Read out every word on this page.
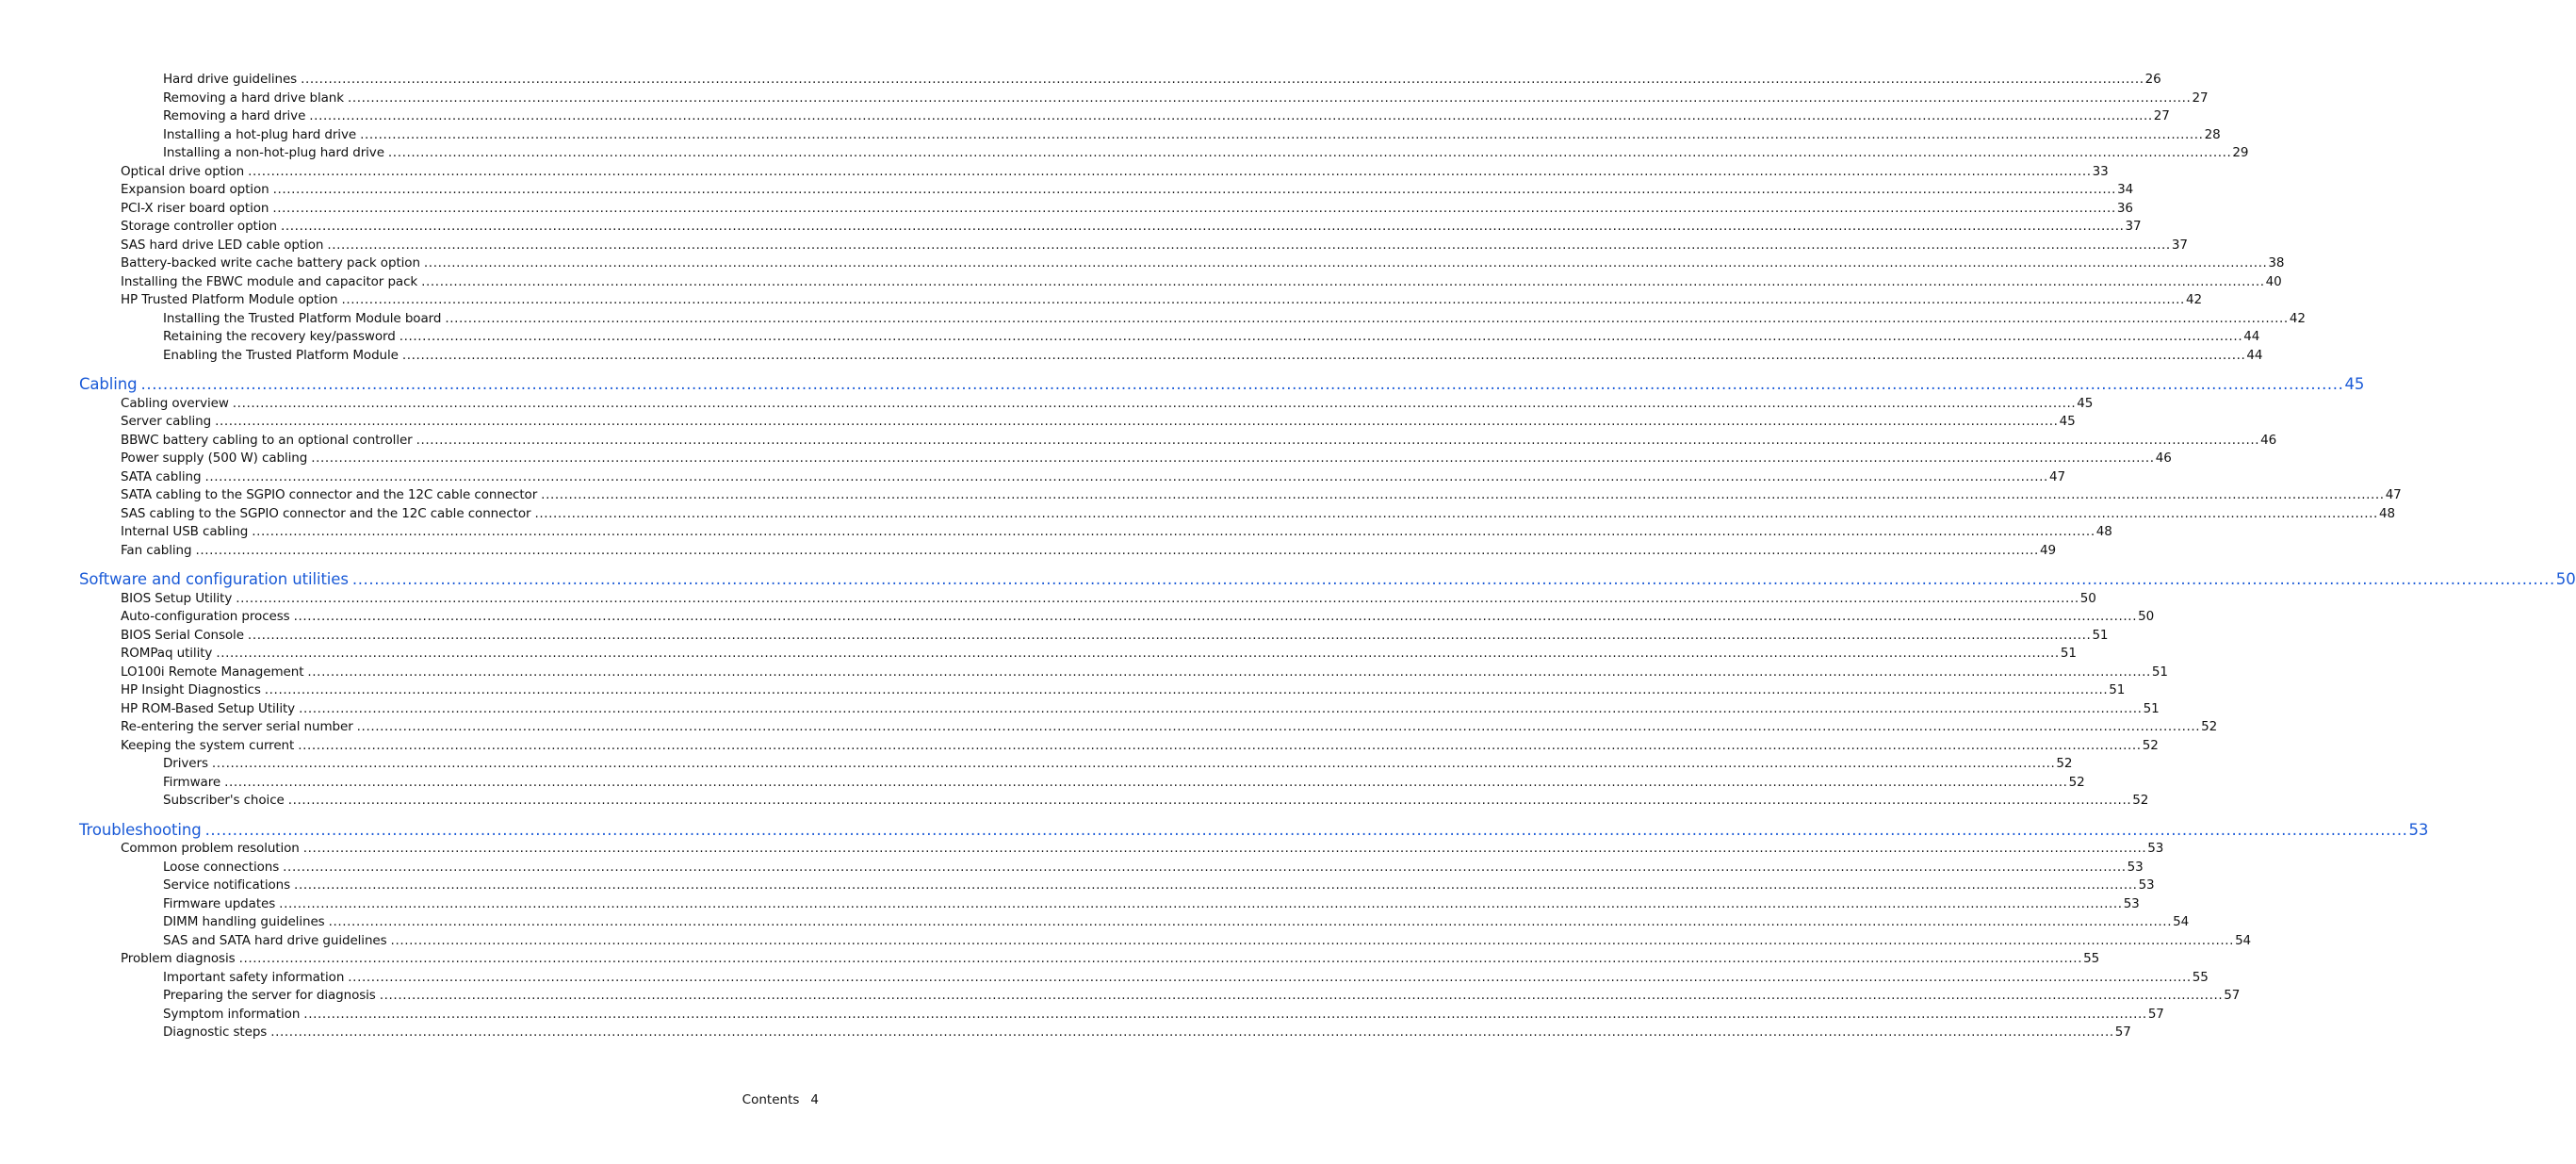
Contents 4
Hard drive guidelines ................................................................................................................................................................................................................................................................................................................................................................................................................ 26
Removing a hard drive blank ................................................................................................................................................................................................................................................................................................................................................................................................................ 27
Removing a hard drive ................................................................................................................................................................................................................................................................................................................................................................................................................ 27
Installing a hot-plug hard drive ................................................................................................................................................................................................................................................................................................................................................................................................................ 28
Installing a non-hot-plug hard drive ................................................................................................................................................................................................................................................................................................................................................................................................................ 29
Optical drive option ................................................................................................................................................................................................................................................................................................................................................................................................................ 33
Expansion board option ................................................................................................................................................................................................................................................................................................................................................................................................................ 34
PCI-X riser board option ................................................................................................................................................................................................................................................................................................................................................................................................................ 36
Storage controller option ................................................................................................................................................................................................................................................................................................................................................................................................................ 37
SAS hard drive LED cable option ................................................................................................................................................................................................................................................................................................................................................................................................................ 37
Battery-backed write cache battery pack option ................................................................................................................................................................................................................................................................................................................................................................................................................ 38
Installing the FBWC module and capacitor pack ................................................................................................................................................................................................................................................................................................................................................................................................................ 40
HP Trusted Platform Module option ................................................................................................................................................................................................................................................................................................................................................................................................................ 42
Installing the Trusted Platform Module board ................................................................................................................................................................................................................................................................................................................................................................................................................ 42
Retaining the recovery key/password ................................................................................................................................................................................................................................................................................................................................................................................................................ 44
Enabling the Trusted Platform Module ................................................................................................................................................................................................................................................................................................................................................................................................................ 44
Cabling ................................................................................................................................................................................................................................................................................................................................................................................................................ 45
Cabling overview ................................................................................................................................................................................................................................................................................................................................................................................................................ 45
Server cabling ................................................................................................................................................................................................................................................................................................................................................................................................................ 45
BBWC battery cabling to an optional controller ................................................................................................................................................................................................................................................................................................................................................................................................................ 46
Power supply (500 W) cabling ................................................................................................................................................................................................................................................................................................................................................................................................................ 46
SATA cabling ................................................................................................................................................................................................................................................................................................................................................................................................................ 47
SATA cabling to the SGPIO connector and the 12C cable connector ................................................................................................................................................................................................................................................................................................................................................................................................................ 47
SAS cabling to the SGPIO connector and the 12C cable connector ................................................................................................................................................................................................................................................................................................................................................................................................................ 48
Internal USB cabling ................................................................................................................................................................................................................................................................................................................................................................................................................ 48
Fan cabling ................................................................................................................................................................................................................................................................................................................................................................................................................ 49
Software and configuration utilities ................................................................................................................................................................................................................................................................................................................................................................................................................ 50
BIOS Setup Utility ................................................................................................................................................................................................................................................................................................................................................................................................................ 50
Auto-configuration process ................................................................................................................................................................................................................................................................................................................................................................................................................ 50
BIOS Serial Console ................................................................................................................................................................................................................................................................................................................................................................................................................ 51
ROMPaq utility ................................................................................................................................................................................................................................................................................................................................................................................................................ 51
LO100i Remote Management ................................................................................................................................................................................................................................................................................................................................................................................................................ 51
HP Insight Diagnostics ................................................................................................................................................................................................................................................................................................................................................................................................................ 51
HP ROM-Based Setup Utility ................................................................................................................................................................................................................................................................................................................................................................................................................ 51
Re-entering the server serial number ................................................................................................................................................................................................................................................................................................................................................................................................................ 52
Keeping the system current ................................................................................................................................................................................................................................................................................................................................................................................................................ 52
Drivers ................................................................................................................................................................................................................................................................................................................................................................................................................ 52
Firmware ................................................................................................................................................................................................................................................................................................................................................................................................................ 52
Subscriber's choice ................................................................................................................................................................................................................................................................................................................................................................................................................ 52
Troubleshooting ................................................................................................................................................................................................................................................................................................................................................................................................................ 53
Common problem resolution ................................................................................................................................................................................................................................................................................................................................................................................................................ 53
Loose connections ................................................................................................................................................................................................................................................................................................................................................................................................................ 53
Service notifications ................................................................................................................................................................................................................................................................................................................................................................................................................ 53
Firmware updates ................................................................................................................................................................................................................................................................................................................................................................................................................ 53
DIMM handling guidelines ................................................................................................................................................................................................................................................................................................................................................................................................................ 54
SAS and SATA hard drive guidelines ................................................................................................................................................................................................................................................................................................................................................................................................................ 54
Problem diagnosis ................................................................................................................................................................................................................................................................................................................................................................................................................ 55
Important safety information ................................................................................................................................................................................................................................................................................................................................................................................................................ 55
Preparing the server for diagnosis ................................................................................................................................................................................................................................................................................................................................................................................................................ 57
Symptom information ................................................................................................................................................................................................................................................................................................................................................................................................................ 57
Diagnostic steps ................................................................................................................................................................................................................................................................................................................................................................................................................ 57
